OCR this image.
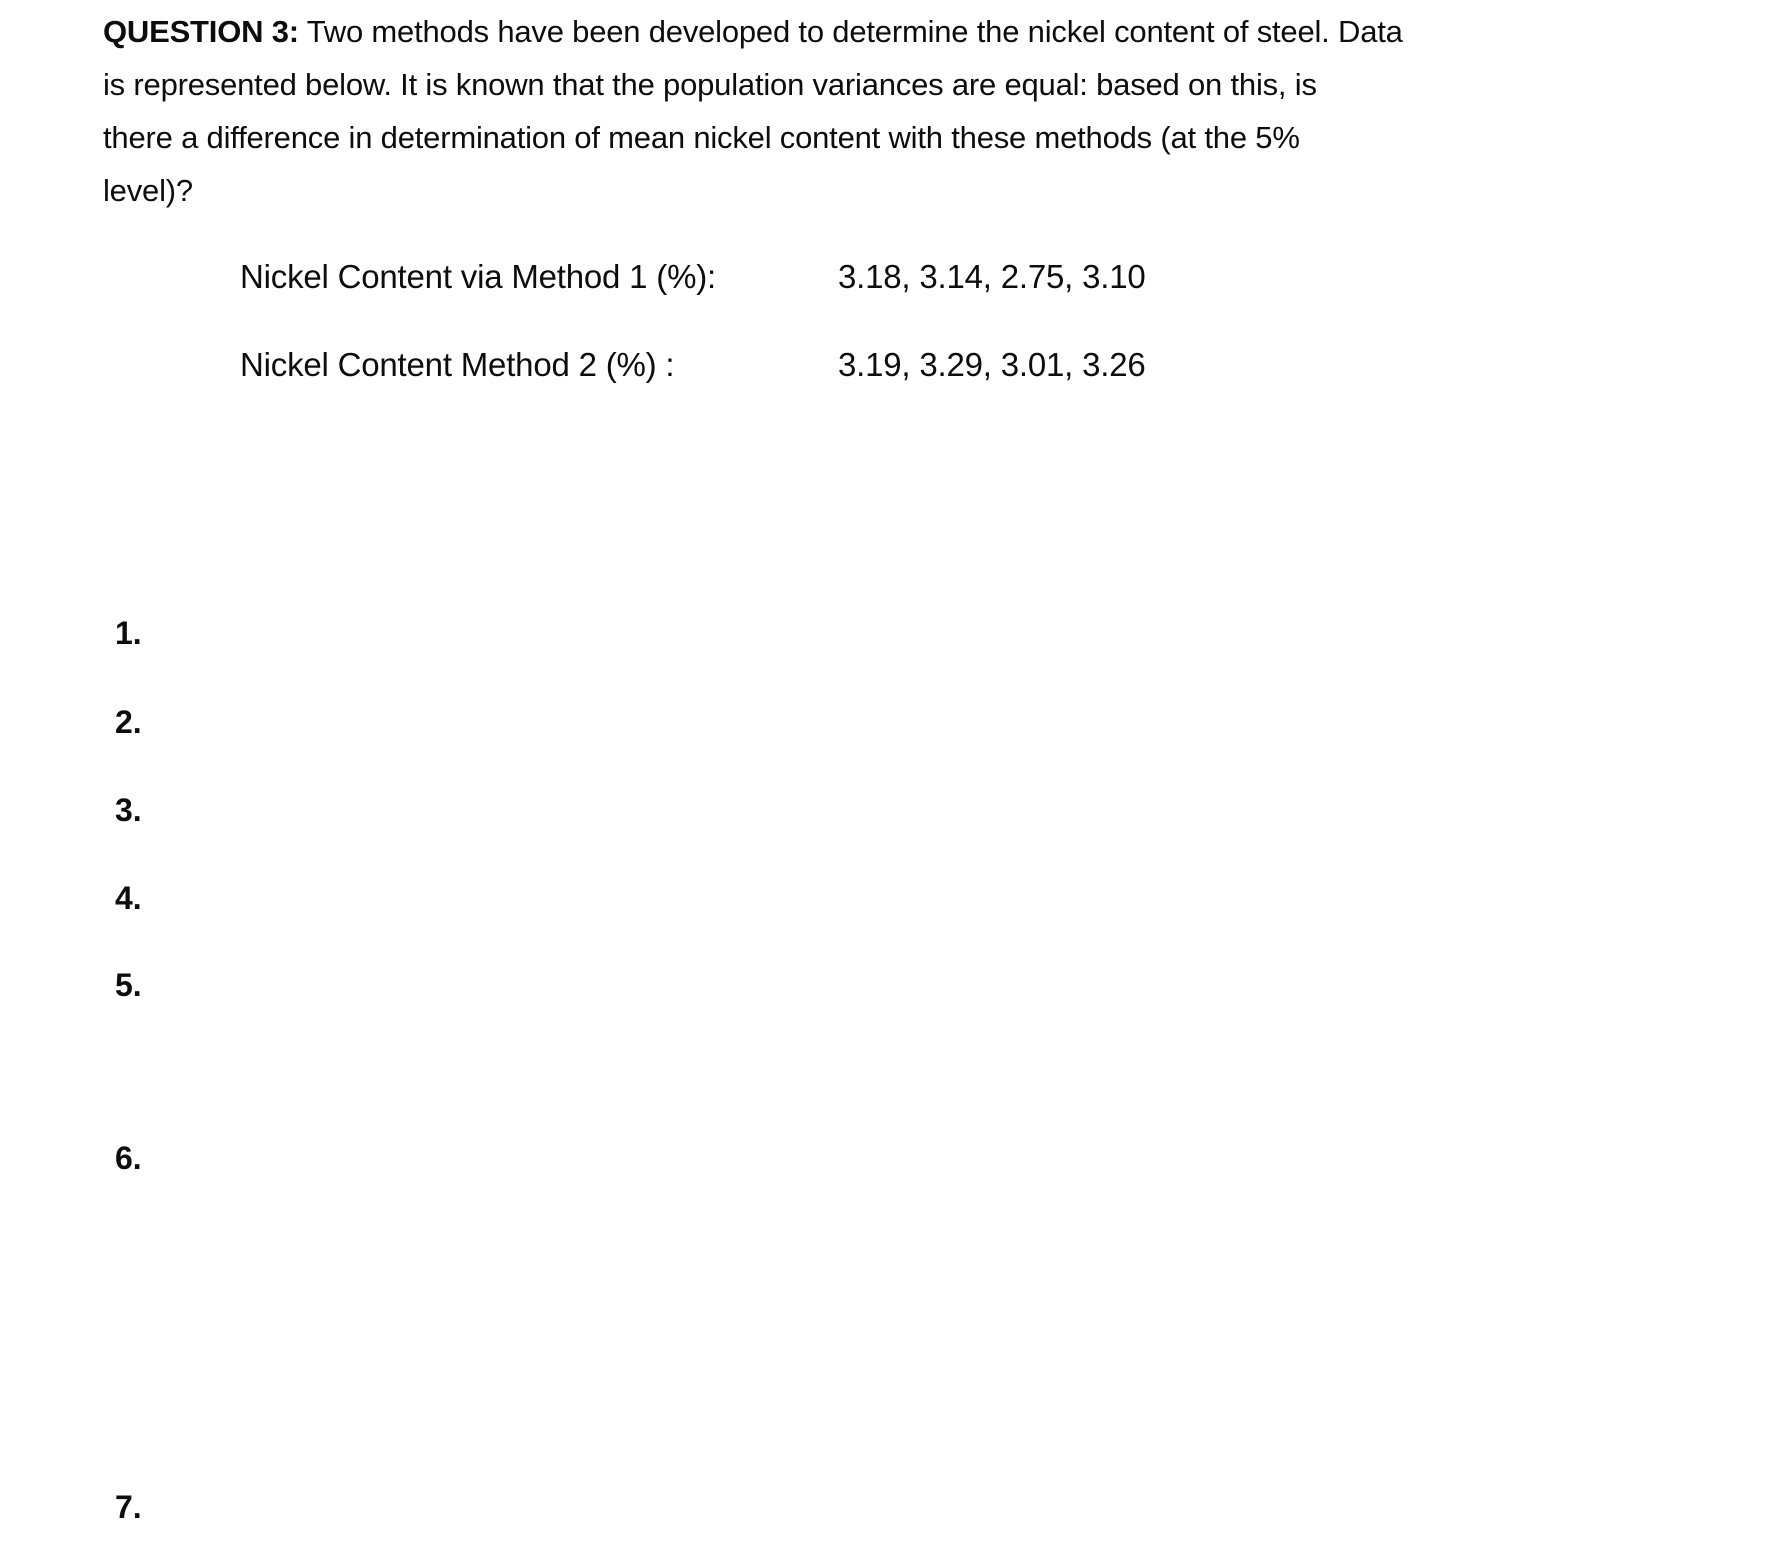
QUESTION 3: Two methods have been developed to determine the nickel content of steel. Data
is represented below. It is known that the population variances are equal: based on this, is
there a difference in determination of mean nickel content with these methods (at the 5%
level)?
Nickel Content via Method 1 (%):	3.18, 3.14, 2.75, 3.10
Nickel Content Method 2 (%) :	3.19, 3.29, 3.01, 3.26
1.
2.
3.
4.
5.
6.
7.
